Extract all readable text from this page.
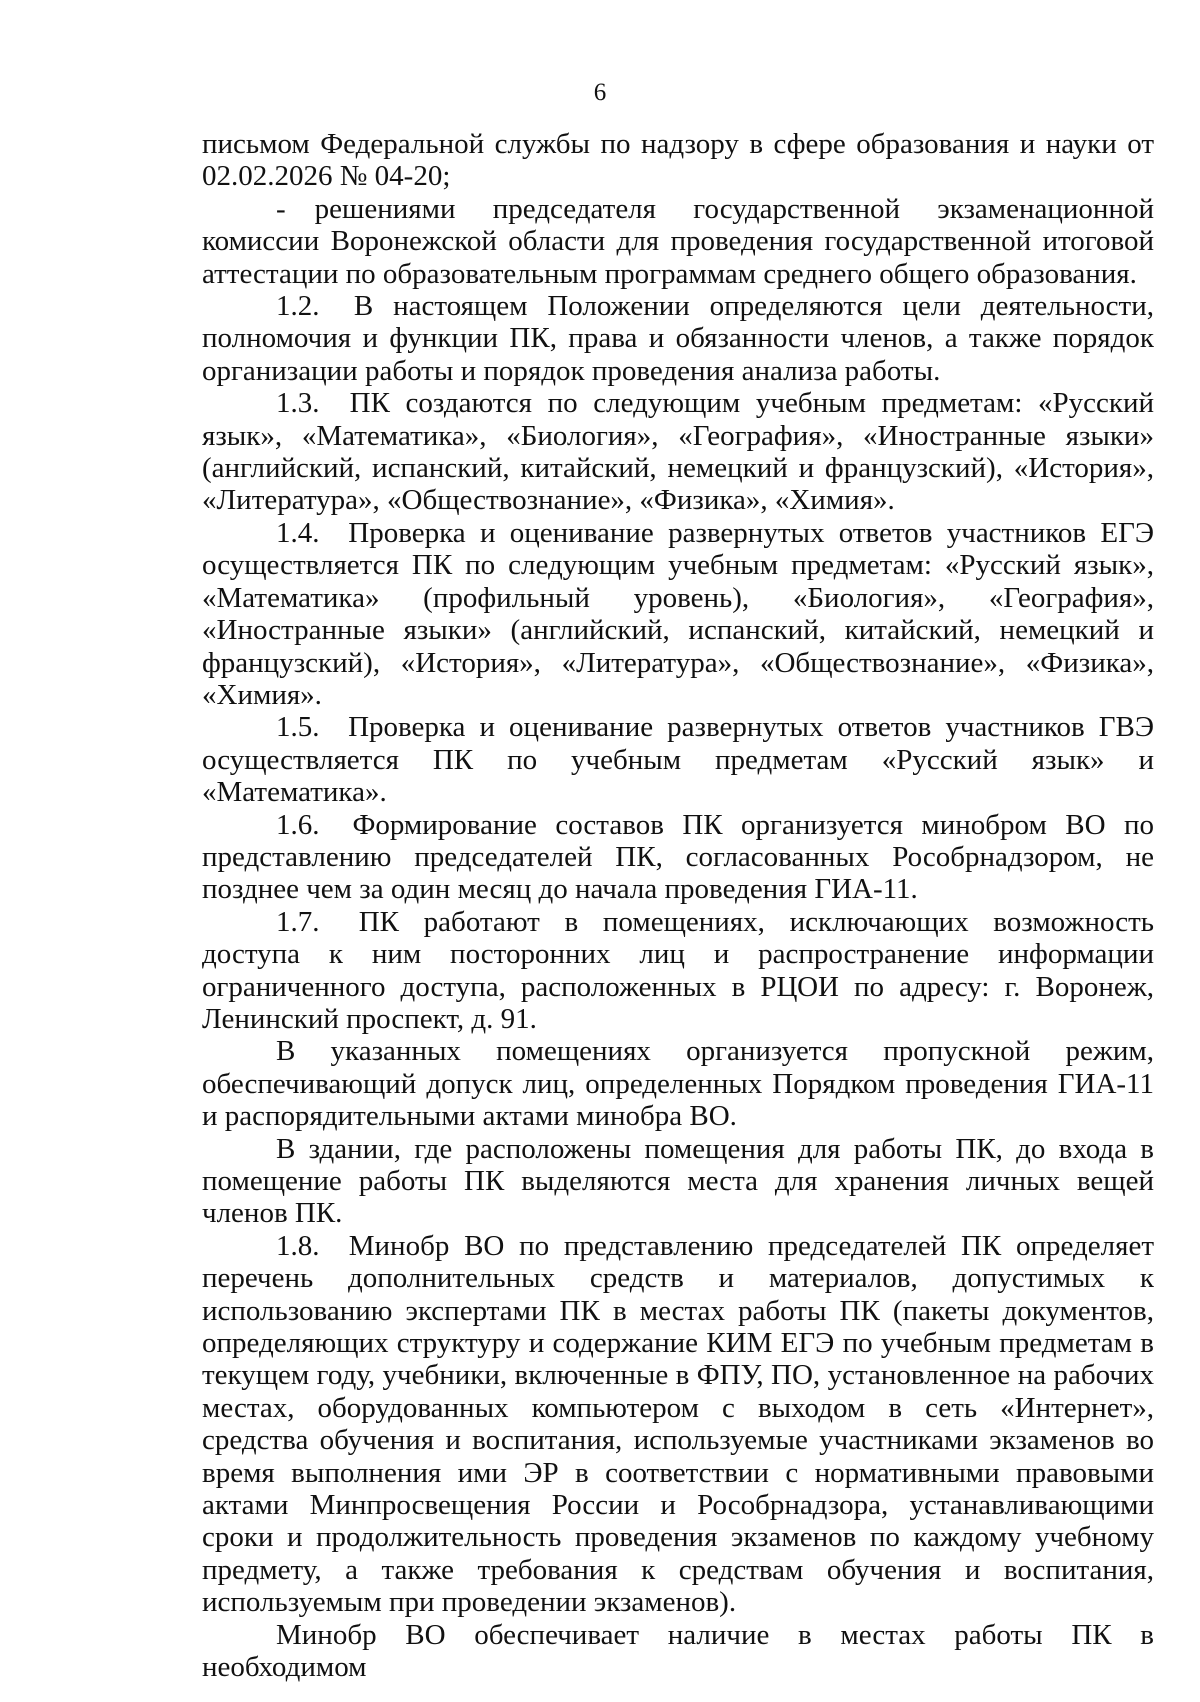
6

письмом Федеральной службы по надзору в сфере образования и науки от 02.02.2026 № 04-20;

- решениями председателя государственной экзаменационной комиссии Воронежской области для проведения государственной итоговой аттестации по образовательным программам среднего общего образования.

1.2. В настоящем Положении определяются цели деятельности, полномочия и функции ПК, права и обязанности членов, а также порядок организации работы и порядок проведения анализа работы.

1.3. ПК создаются по следующим учебным предметам: «Русский язык», «Математика», «Биология», «География», «Иностранные языки» (английский, испанский, китайский, немецкий и французский), «История», «Литература», «Обществознание», «Физика», «Химия».

1.4. Проверка и оценивание развернутых ответов участников ЕГЭ осуществляется ПК по следующим учебным предметам: «Русский язык», «Математика» (профильный уровень), «Биология», «География», «Иностранные языки» (английский, испанский, китайский, немецкий и французский), «История», «Литература», «Обществознание», «Физика», «Химия».

1.5. Проверка и оценивание развернутых ответов участников ГВЭ осуществляется ПК по учебным предметам «Русский язык» и «Математика».

1.6. Формирование составов ПК организуется минобром ВО по представлению председателей ПК, согласованных Рособрнадзором, не позднее чем за один месяц до начала проведения ГИА-11.

1.7. ПК работают в помещениях, исключающих возможность доступа к ним посторонних лиц и распространение информации ограниченного доступа, расположенных в РЦОИ по адресу: г. Воронеж, Ленинский проспект, д. 91.

В указанных помещениях организуется пропускной режим, обеспечивающий допуск лиц, определенных Порядком проведения ГИА-11 и распорядительными актами минобра ВО.

В здании, где расположены помещения для работы ПК, до входа в помещение работы ПК выделяются места для хранения личных вещей членов ПК.

1.8. Минобр ВО по представлению председателей ПК определяет перечень дополнительных средств и материалов, допустимых к использованию экспертами ПК в местах работы ПК (пакеты документов, определяющих структуру и содержание КИМ ЕГЭ по учебным предметам в текущем году, учебники, включенные в ФПУ, ПО, установленное на рабочих местах, оборудованных компьютером с выходом в сеть «Интернет», средства обучения и воспитания, используемые участниками экзаменов во время выполнения ими ЭР в соответствии с нормативными правовыми актами Минпросвещения России и Рособрнадзора, устанавливающими сроки и продолжительность проведения экзаменов по каждому учебному предмету, а также требования к средствам обучения и воспитания, используемым при проведении экзаменов).

Минобр ВО обеспечивает наличие в местах работы ПК в необходимом
